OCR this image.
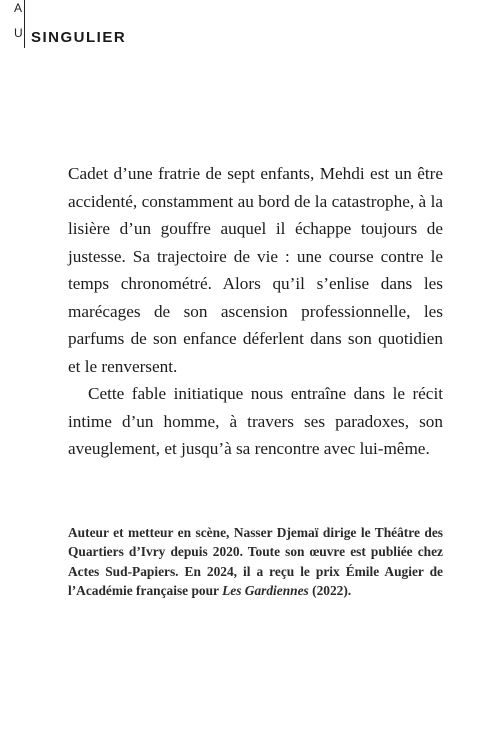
A
U SINGULIER

Cadet d’une fratrie de sept enfants, Mehdi est un être accidenté, constamment au bord de la catastrophe, à la lisière d’un gouffre auquel il échappe toujours de justesse. Sa trajectoire de vie : une course contre le temps chronométré. Alors qu’il s’enlise dans les marécages de son ascension professionnelle, les parfums de son enfance déferlent dans son quotidien et le renversent.

Cette fable initiatique nous entraîne dans le récit intime d’un homme, à travers ses paradoxes, son aveuglement, et jusqu’à sa rencontre avec lui-même.

Auteur et metteur en scène, Nasser Djemaï dirige le Théâtre des Quartiers d’Ivry depuis 2020. Toute son œuvre est publiée chez Actes Sud-Papiers. En 2024, il a reçu le prix Émile Augier de l’Académie française pour Les Gardiennes (2022).
